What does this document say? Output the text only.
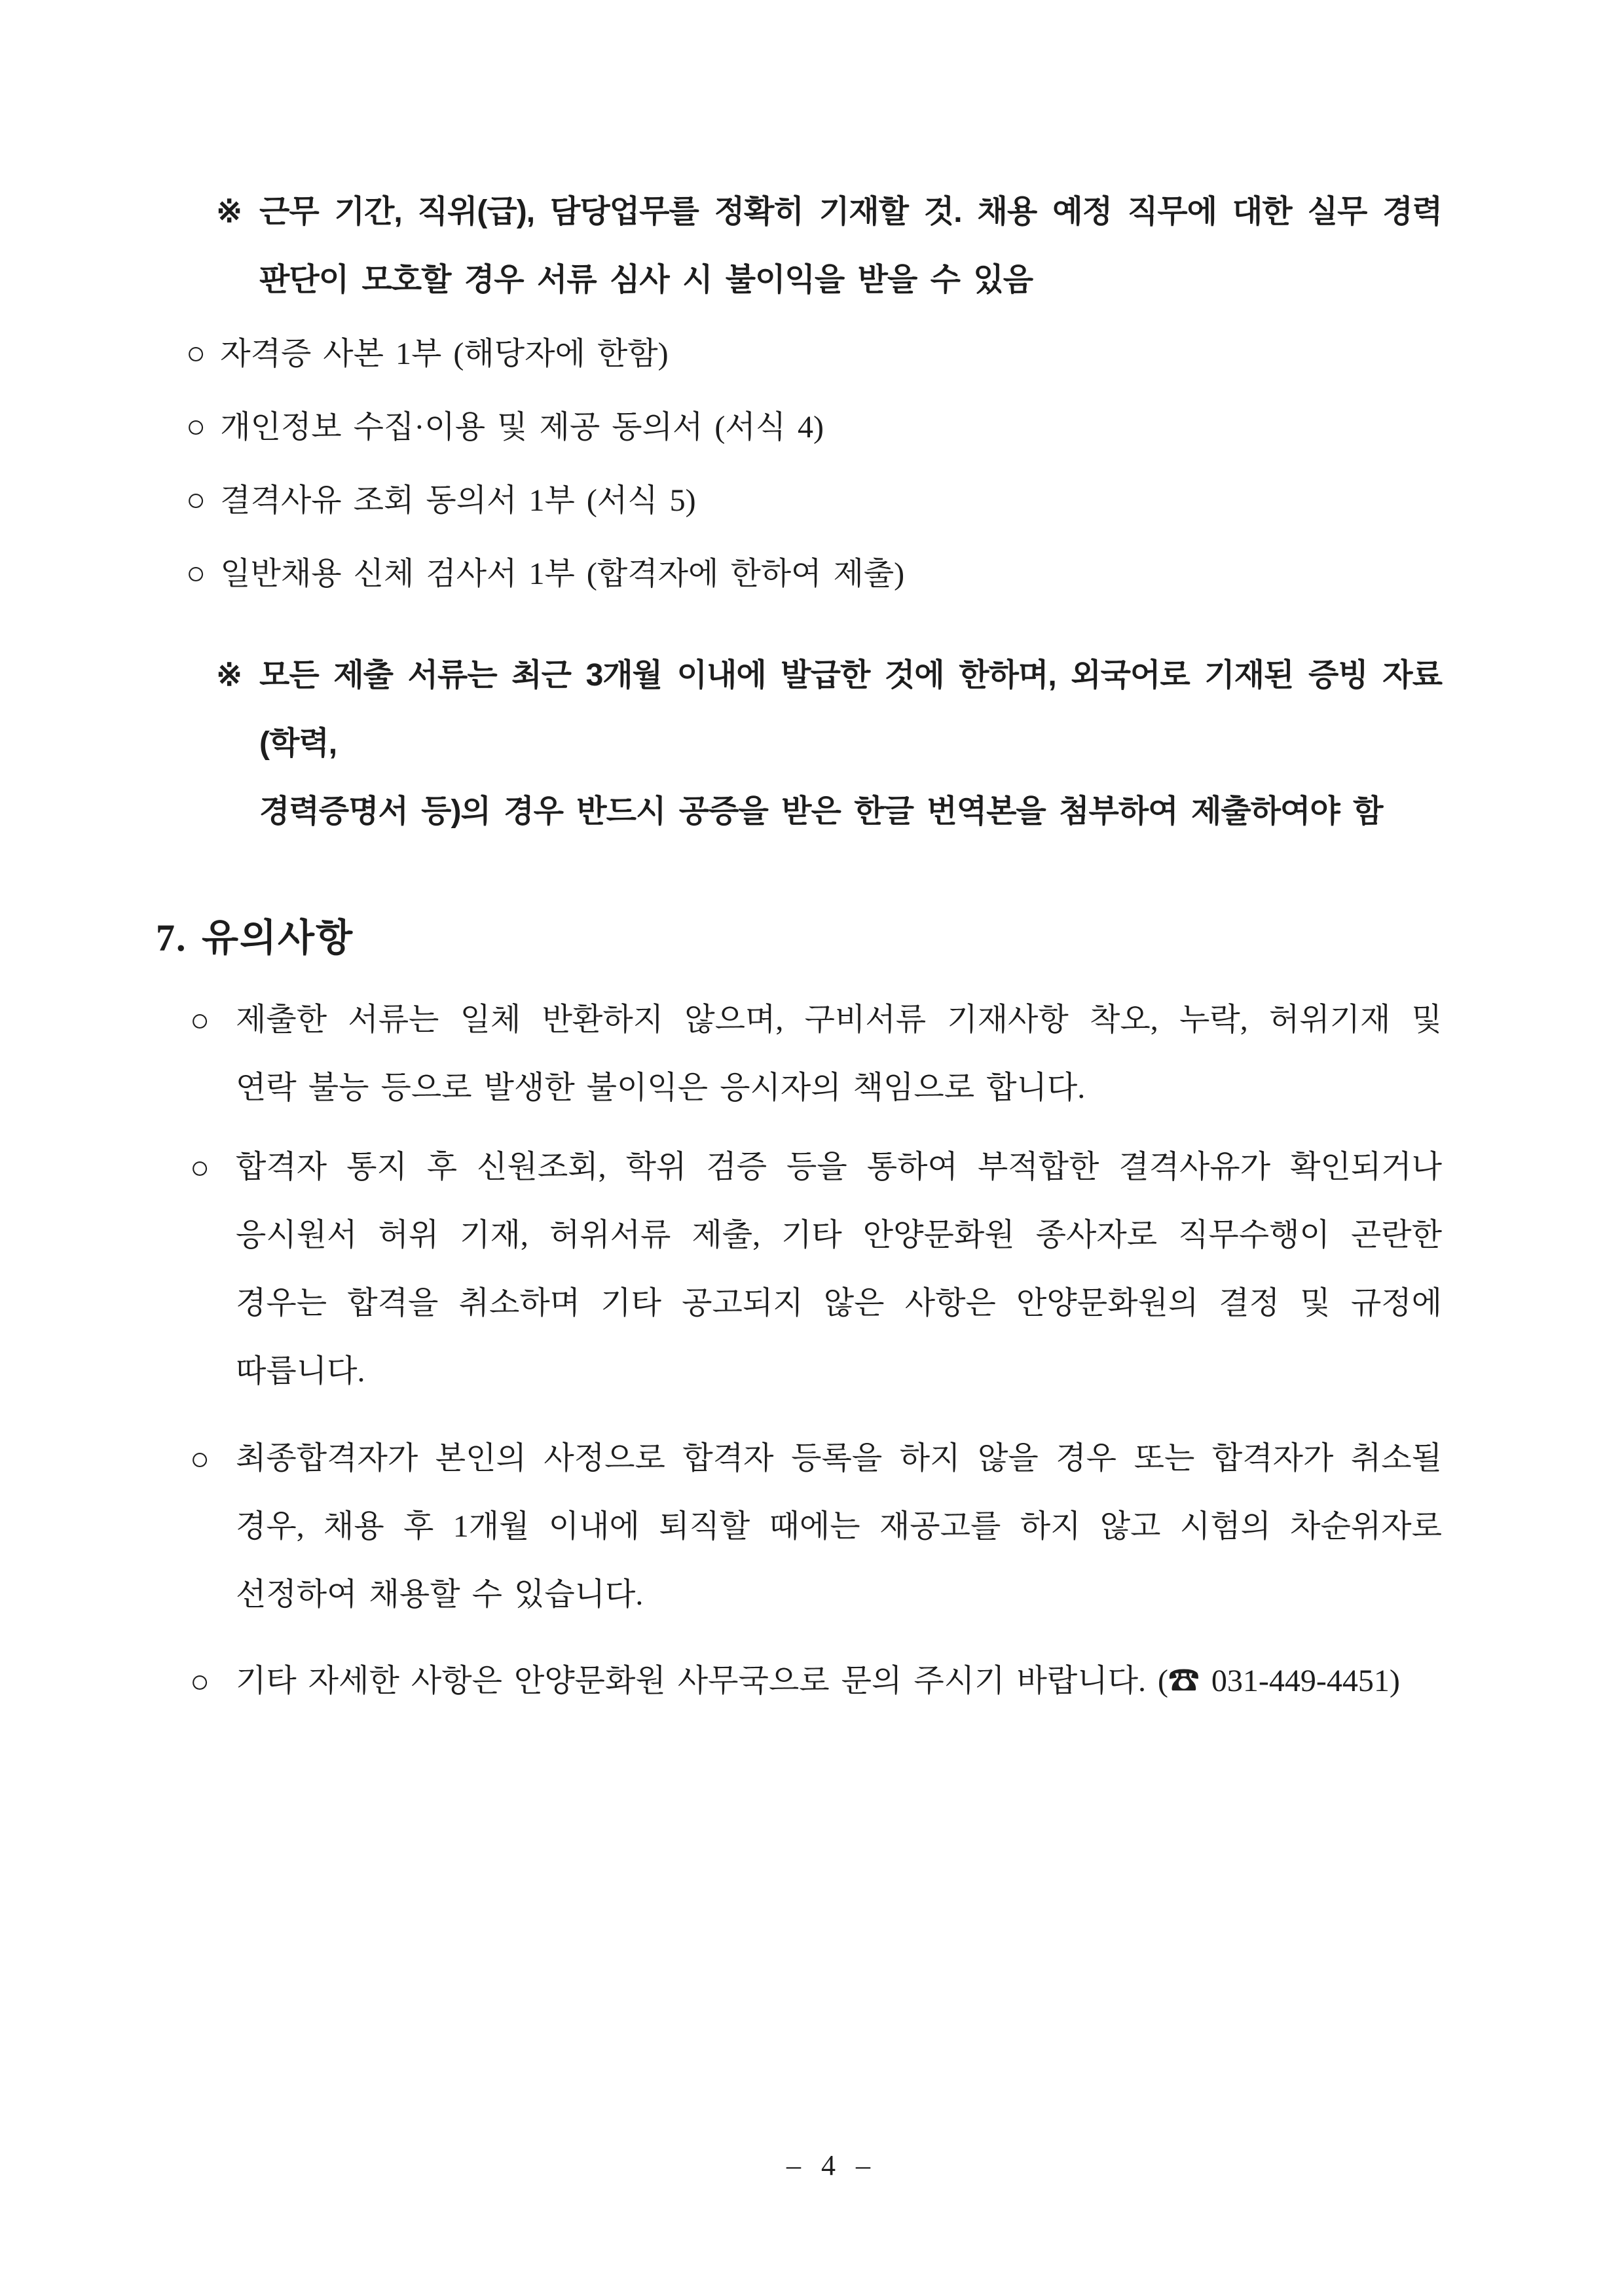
※ 근무 기간, 직위(급), 담당업무를 정확히 기재할 것. 채용 예정 직무에 대한 실무 경력
판단이 모호할 경우 서류 심사 시 불이익을 받을 수 있음
○ 자격증 사본 1부 (해당자에 한함)
○ 개인정보 수집·이용 및 제공 동의서 (서식 4)
○ 결격사유 조회 동의서 1부 (서식 5)
○ 일반채용 신체 검사서 1부 (합격자에 한하여 제출)
※ 모든 제출 서류는 최근 3개월 이내에 발급한 것에 한하며, 외국어로 기재된 증빙 자료(학력,
경력증명서 등)의 경우 반드시 공증을 받은 한글 번역본을 첨부하여 제출하여야 함
7. 유의사항
○ 제출한 서류는 일체 반환하지 않으며, 구비서류 기재사항 착오, 누락, 허위기재 및
연락 불능 등으로 발생한 불이익은 응시자의 책임으로 합니다.
○ 합격자 통지 후 신원조회, 학위 검증 등을 통하여 부적합한 결격사유가 확인되거나
응시원서 허위 기재, 허위서류 제출, 기타 안양문화원 종사자로 직무수행이 곤란한
경우는 합격을 취소하며 기타 공고되지 않은 사항은 안양문화원의 결정 및 규정에
따릅니다.
○ 최종합격자가 본인의 사정으로 합격자 등록을 하지 않을 경우 또는 합격자가 취소될
경우, 채용 후 1개월 이내에 퇴직할 때에는 재공고를 하지 않고 시험의 차순위자로
선정하여 채용할 수 있습니다.
○ 기타 자세한 사항은 안양문화원 사무국으로 문의 주시기 바랍니다. (☎ 031-449-4451)
– 4 –
